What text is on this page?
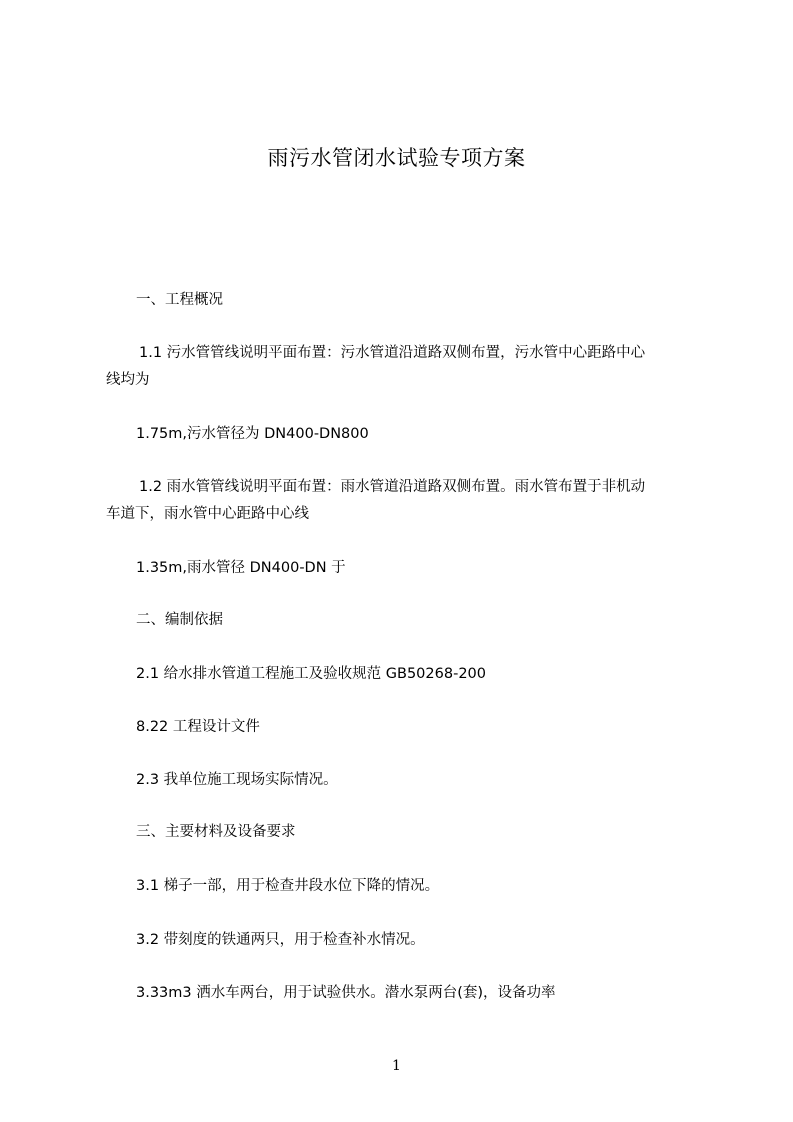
雨污水管闭水试验专项方案
一、工程概况
1.1 污水管管线说明平面布置：污水管道沿道路双侧布置，污水管中心距路中心
线均为
1.75m,污水管径为 DN400-DN800
1.2 雨水管管线说明平面布置：雨水管道沿道路双侧布置。雨水管布置于非机动
车道下，雨水管中心距路中心线
1.35m,雨水管径 DN400-DN 于
二、编制依据
2.1 给水排水管道工程施工及验收规范 GB50268-200
8.22 工程设计文件
2.3 我单位施工现场实际情况。
三、主要材料及设备要求
3.1 梯子一部，用于检查井段水位下降的情况。
3.2 带刻度的铁通两只，用于检查补水情况。
3.33m3 洒水车两台，用于试验供水。潜水泵两台(套)，设备功率
1
